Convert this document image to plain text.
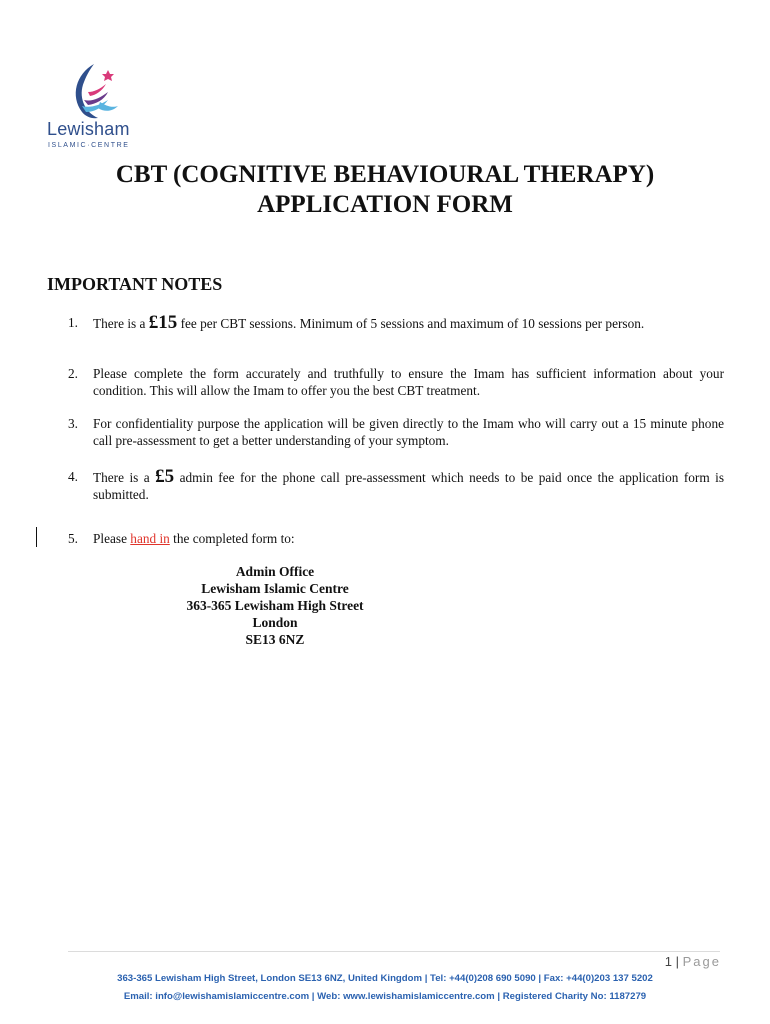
Lewisham
ISLAMIC·CENTRE
CBT (COGNITIVE BEHAVIOURAL THERAPY)
APPLICATION FORM
IMPORTANT NOTES
1.	There is a £15 fee per CBT sessions. Minimum of 5 sessions and maximum of 10 sessions per person.
2.	Please complete the form accurately and truthfully to ensure the Imam has sufficient information about your condition. This will allow the Imam to offer you the best CBT treatment.
3.	For confidentiality purpose the application will be given directly to the Imam who will carry out a 15 minute phone call pre-assessment to get a better understanding of your symptom.
4.	There is a £5 admin fee for the phone call pre-assessment which needs to be paid once the application form is submitted.
5.	Please hand in the completed form to:
Admin Office
Lewisham Islamic Centre
363-365 Lewisham High Street
London
SE13 6NZ
1 | Page
363-365 Lewisham High Street, London SE13 6NZ, United Kingdom | Tel: +44(0)208 690 5090 | Fax: +44(0)203 137 5202
Email: info@lewishamislamiccentre.com | Web: www.lewishamislamiccentre.com | Registered Charity No: 1187279
